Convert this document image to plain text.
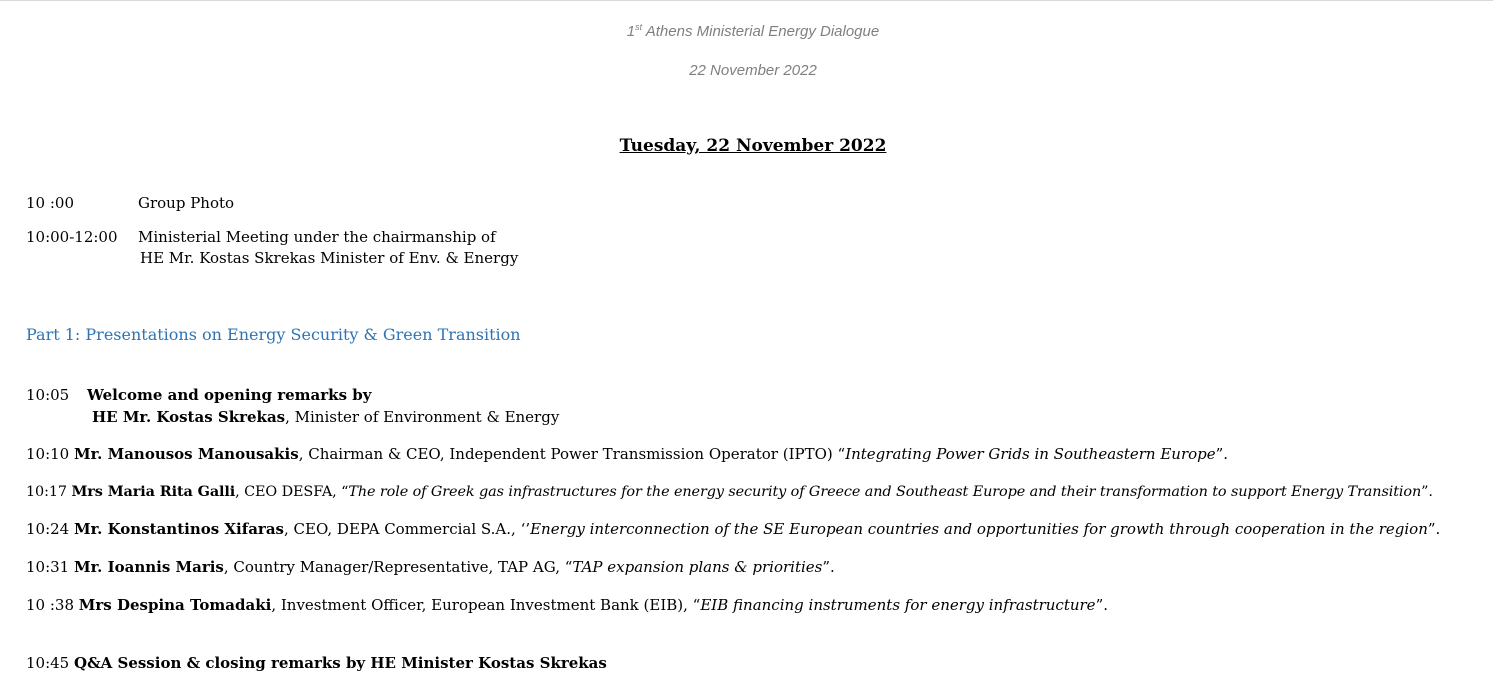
1st Athens Ministerial Energy Dialogue
22 November 2022
Tuesday, 22 November 2022
10 :00	Group Photo
10:00-12:00 Ministerial Meeting under the chairmanship of
HE Mr. Kostas Skrekas Minister of Env. & Energy
Part 1: Presentations on Energy Security & Green Transition
10:05 Welcome and opening remarks by
HE Mr. Kostas Skrekas, Minister of Environment & Energy
10:10 Mr. Manousos Manousakis, Chairman & CEO, Independent Power Transmission Operator (IPTO) “Integrating Power Grids in Southeastern Europe”.
10:17 Mrs Maria Rita Galli, CEO DESFA, “The role of Greek gas infrastructures for the energy security of Greece and Southeast Europe and their transformation to support Energy Transition”.
10:24 Mr. Konstantinos Xifaras, CEO, DEPA Commercial S.A., ‘’Energy interconnection of the SE European countries and opportunities for growth through cooperation in the region”.
10:31 Mr. Ioannis Maris, Country Manager/Representative, TAP AG, “TAP expansion plans & priorities”.
10 :38 Mrs Despina Tomadaki, Investment Officer, European Investment Bank (EIB), “EIB financing instruments for energy infrastructure”.
10:45 Q&A Session & closing remarks by HE Minister Kostas Skrekas
